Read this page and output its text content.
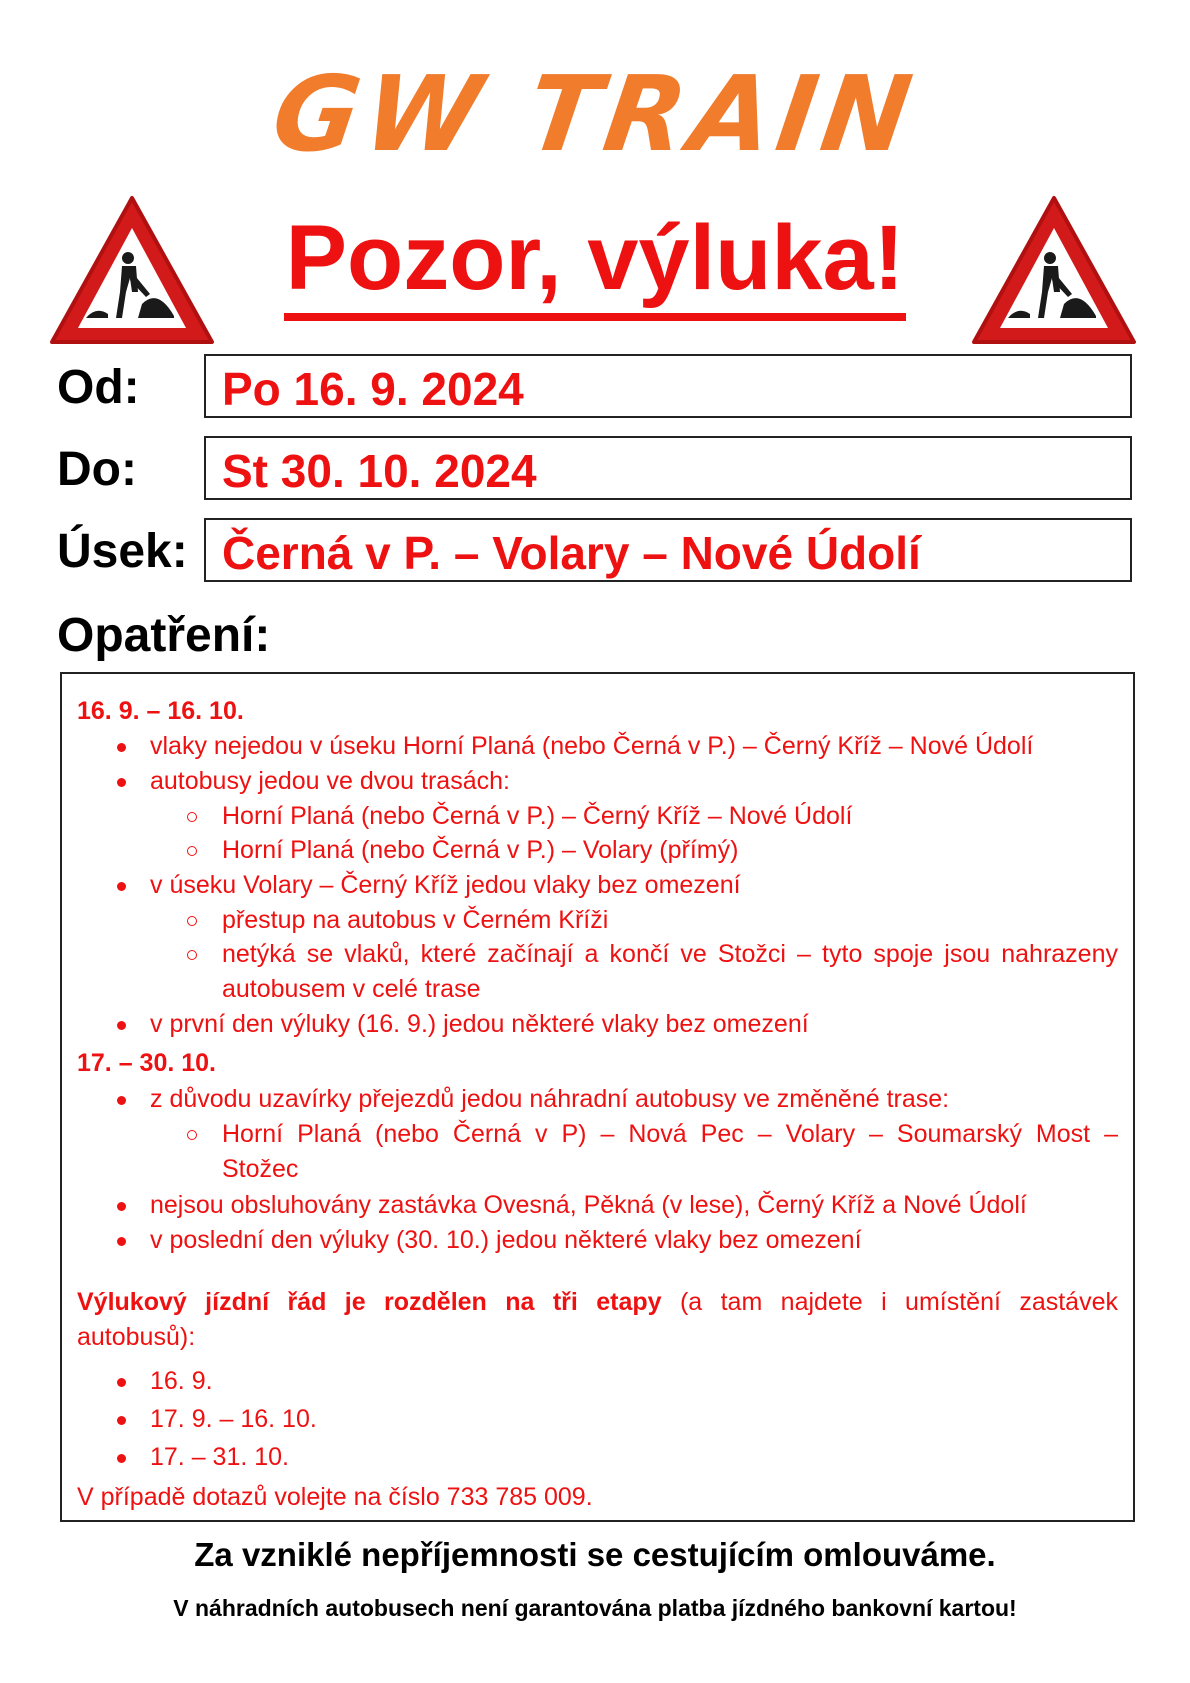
GW TRAIN
Pozor, výluka!
Od: Po 16. 9. 2024
Do: St 30. 10. 2024
Úsek: Černá v P. – Volary – Nové Údolí
Opatření:
16. 9. – 16. 10.
vlaky nejedou v úseku Horní Planá (nebo Černá v P.) – Černý Kříž – Nové Údolí
autobusy jedou ve dvou trasách:
Horní Planá (nebo Černá v P.) – Černý Kříž – Nové Údolí
Horní Planá (nebo Černá v P.) – Volary (přímý)
v úseku Volary – Černý Kříž jedou vlaky bez omezení
přestup na autobus v Černém Kříži
netýká se vlaků, které začínají a končí ve Stožci – tyto spoje jsou nahrazeny
autobusem v celé trase
v první den výluky (16. 9.) jedou některé vlaky bez omezení
17. – 30. 10.
z důvodu uzavírky přejezdů jedou náhradní autobusy ve změněné trase:
Horní Planá (nebo Černá v P) – Nová Pec – Volary – Soumarský Most –
Stožec
nejsou obsluhovány zastávka Ovesná, Pěkná (v lese), Černý Kříž a Nové Údolí
v poslední den výluky (30. 10.) jedou některé vlaky bez omezení
Výlukový jízdní řád je rozdělen na tři etapy (a tam najdete i umístění zastávek
autobusů):
16. 9.
17. 9. – 16. 10.
17. – 31. 10.
V případě dotazů volejte na číslo 733 785 009.
Za vzniklé nepříjemnosti se cestujícím omlouváme.
V náhradních autobusech není garantována platba jízdného bankovní kartou!
